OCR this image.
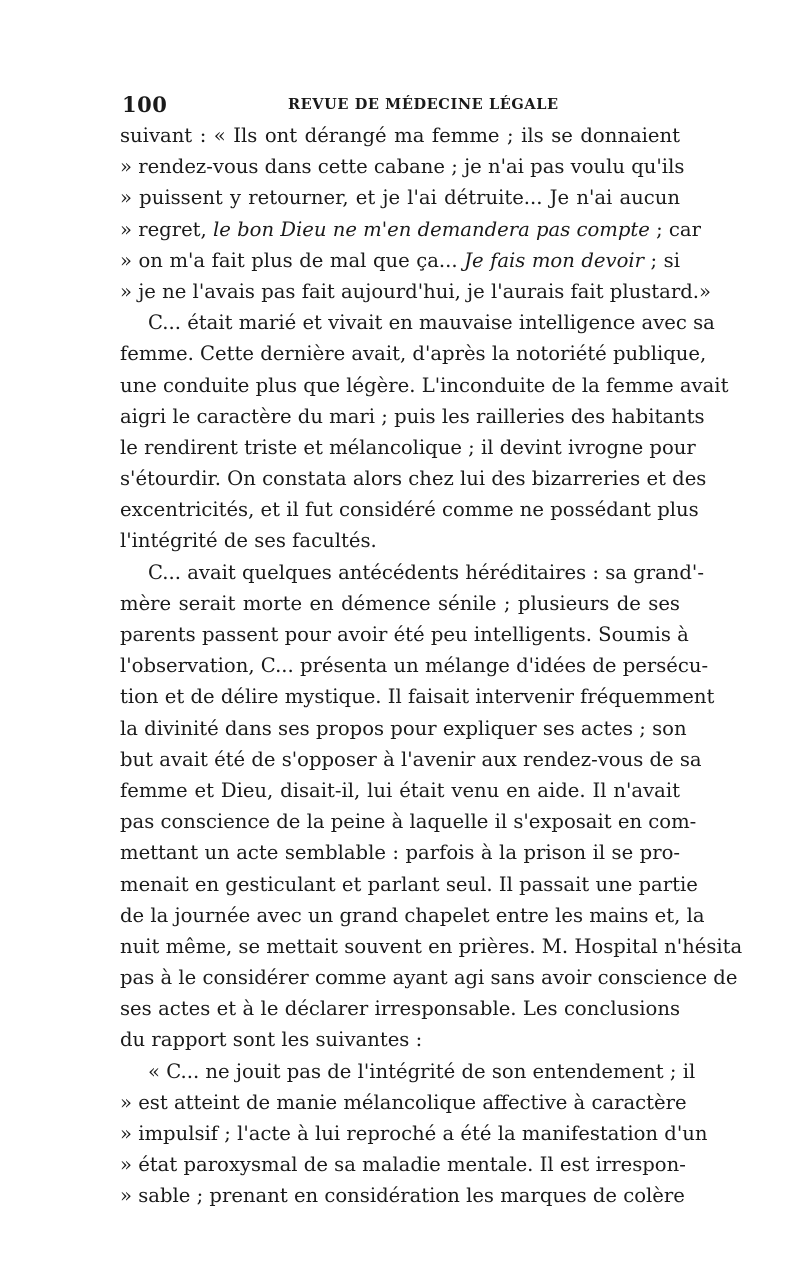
100	REVUE DE MÉDECINE LÉGALE
suivant : « Ils ont dérangé ma femme ; ils se donnaient
» rendez-vous dans cette cabane ; je n'ai pas voulu qu'ils
» puissent y retourner, et je l'ai détruite... Je n'ai aucun
» regret, le bon Dieu ne m'en demandera pas compte ; car
» on m'a fait plus de mal que ça... Je fais mon devoir ; si
» je ne l'avais pas fait aujourd'hui, je l'aurais fait plustard.»
C... était marié et vivait en mauvaise intelligence avec sa
femme. Cette dernière avait, d'après la notoriété publique,
une conduite plus que légère. L'inconduite de la femme avait
aigri le caractère du mari ; puis les railleries des habitants
le rendirent triste et mélancolique ; il devint ivrogne pour
s'étourdir. On constata alors chez lui des bizarreries et des
excentricités, et il fut considéré comme ne possédant plus
l'intégrité de ses facultés.
C... avait quelques antécédents héréditaires : sa grand'-
mère serait morte en démence sénile ; plusieurs de ses
parents passent pour avoir été peu intelligents. Soumis à
l'observation, C... présenta un mélange d'idées de persécu-
tion et de délire mystique. Il faisait intervenir fréquemment
la divinité dans ses propos pour expliquer ses actes ; son
but avait été de s'opposer à l'avenir aux rendez-vous de sa
femme et Dieu, disait-il, lui était venu en aide. Il n'avait
pas conscience de la peine à laquelle il s'exposait en com-
mettant un acte semblable : parfois à la prison il se pro-
menait en gesticulant et parlant seul. Il passait une partie
de la journée avec un grand chapelet entre les mains et, la
nuit même, se mettait souvent en prières. M. Hospital n'hésita
pas à le considérer comme ayant agi sans avoir conscience de
ses actes et à le déclarer irresponsable. Les conclusions
du rapport sont les suivantes :
« C... ne jouit pas de l'intégrité de son entendement ; il
» est atteint de manie mélancolique affective à caractère
» impulsif ; l'acte à lui reproché a été la manifestation d'un
» état paroxysmal de sa maladie mentale. Il est irrespon-
» sable ; prenant en considération les marques de colère
